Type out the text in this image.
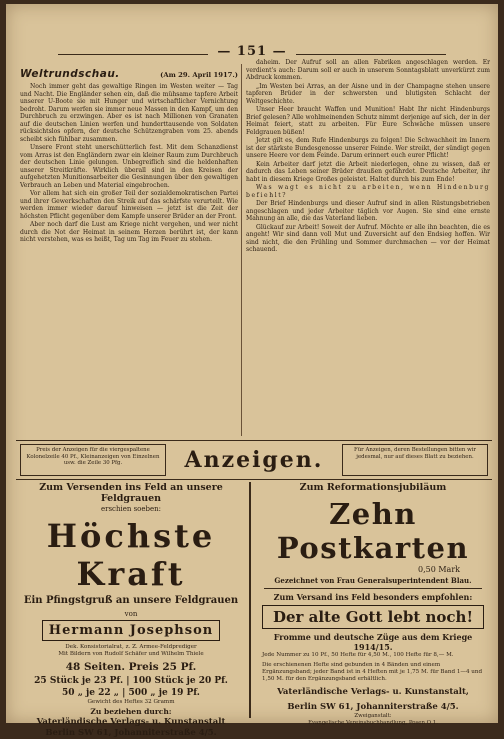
— 151 —
Weltrundschau.	(Am 29. April 1917.)

Noch immer geht das gewaltige Ringen im Westen weiter — Tag und Nacht. Die Engländer sehen ein, daß die mühsame tapfere Arbeit unserer U-Boote sie mit Hunger und wirtschaftlicher Vernichtung bedroht. Darum werfen sie immer neue Massen in den Kampf, um den Durchbruch zu erzwingen. Aber es ist nach Millionen von Granaten auf die deutschen Linien werfen und hunderttausende von Soldaten rücksichtslos opfern, der deutsche Schützengraben vom 25. abends scheibt sich fühlbar zusammen.

Unsere Front steht unerschütterlich fest. Mit dem Schanzdienst vom Arras ist den Engländern zwar ein kleiner Raum zum Durchbruch der deutschen Linie gelungen. Unbegreiflich sind die heldenhaften unserer Streitkräfte. Wirklich überall sind in den Kreisen der aufgehetzten Munitionsarbeiter die Gesinnungen über den gewaltigen Verbrauch an Leben und Material eingebrochen.

Vor allem hat sich ein großer Teil der sozialdemokratischen Partei und ihrer Gewerkschaften den Streik auf das schärfste verurteilt. Wie werden immer wieder darauf hinweisen — jetzt ist die Zeit der höchsten Pflicht gegenüber dem Kampfe unserer Brüder an der Front.

Aber noch darf die Lust am Kriege nicht vergehen, und wer nicht durch die Not der Heimat in seinem Herzen berührt ist, der kann nicht verstehen, was es heißt, Tag um Tag im Feuer zu stehen.

daheim. Der Aufruf soll an allen Fabriken angeschlagen werden. Er verdient's auch: Darum soll er auch in unserem Sonntagsblatt unverkürzt zum Abdruck kommen.

„Im Westen bei Arras, an der Aisne und in der Champagne stehen unsere tapferen Brüder in der schwersten und blutigsten Schlacht der Weltgeschichte.

Unser Heer braucht Waffen und Munition! Habt Ihr nicht Hindenburgs Brief gelesen? Alle wohlmeinenden Schutz nimmt derjenige auf sich, der in der Heimat feiert, statt zu arbeiten. Für Eure Schwäche müssen unsere Feldgrauen büßen!

Jetzt gilt es, dem Rufe Hindenburgs zu folgen! Die Schwachheit im Innern ist der stärkste Bundesgenosse unserer Feinde. Wer streikt, der sündigt gegen unsere Heere vor dem Feinde. Darum erinnert euch eurer Pflicht!

Kein Arbeiter darf jetzt die Arbeit niederlegen, ohne zu wissen, daß er dadurch das Leben seiner Brüder draußen gefährdet. Deutsche Arbeiter, ihr habt in diesem Kriege Großes geleistet. Haltet durch bis zum Ende!

Was wagt es nicht zu arbeiten, wenn Hindenburg befiehlt?

Der Brief Hindenburgs und dieser Aufruf sind in allen Rüstungsbetrieben angeschlagen und jeder Arbeiter täglich vor Augen. Sie sind eine ernste Mahnung an alle, die das Vaterland lieben.

Glückauf zur Arbeit! Soweit der Aufruf. Möchte er alle ihn beachten, die es angeht! Wir sind dann voll Mut und Zuversicht auf den Endsieg hoffen. Wir sind nicht, die den Frühling und Sommer durchmachen — vor der Heimat schauend.

Preis der Anzeigen für die viergespaltene Kolonelzeile 40 Pf., Kleinanzeigen von Einzelnen usw. die Zeile 30 Pfg.	Anzeigen.	Für Anzeigen, deren Bestellungen bitten wir jedesmal, nur auf dieses Blatt zu beziehen.
Zum Versenden ins Feld an unsere Feldgrauen
erschien soeben:
Höchste Kraft
Ein Pfingstgruß an unsere Feldgrauen
von
Hermann Josephson
Dek. Konsistorialrat, z. Z. Armee-Feldprediger
Mit Bildern von Rudolf Schäfer und Wilhelm Thiele
48 Seiten. Preis 25 Pf.
25 Stück je 23 Pf. | 100 Stück je 20 Pf.
50 „ je 22 „ | 500 „ je 19 Pf.
Gewicht des Heftes 32 Gramm
Zu beziehen durch:
Vaterländische Verlags- u. Kunstanstalt
Berlin SW 61, Johanniterstraße 4/5.
Zum Reformationsjubiläum
Zehn Postkarten
0,50 Mark
Gezeichnet von Frau Generalsuperintendent Blau.
Zum Versand ins Feld besonders empfohlen:
Der alte Gott lebt noch!
Fromme und deutsche Züge aus dem Kriege 1914/15.
Jede Nummer zu 10 Pf., 50 Hefte für 4,50 M., 100 Hefte für 8,— M.
Die erschienenen Hefte sind gebunden in 4 Bänden und einem Ergänzungsband; jeder Band ist in 4 Heften mit je 1,75 M. für Band 1—4 und 1,50 M. für den Ergänzungsband erhältlich.
Vaterländische Verlags- u. Kunstanstalt,
Berlin SW 61, Johanniterstraße 4/5.
Zweiganstalt:
Evangelische Vereinsbuchhandlung, Posen O 1.
